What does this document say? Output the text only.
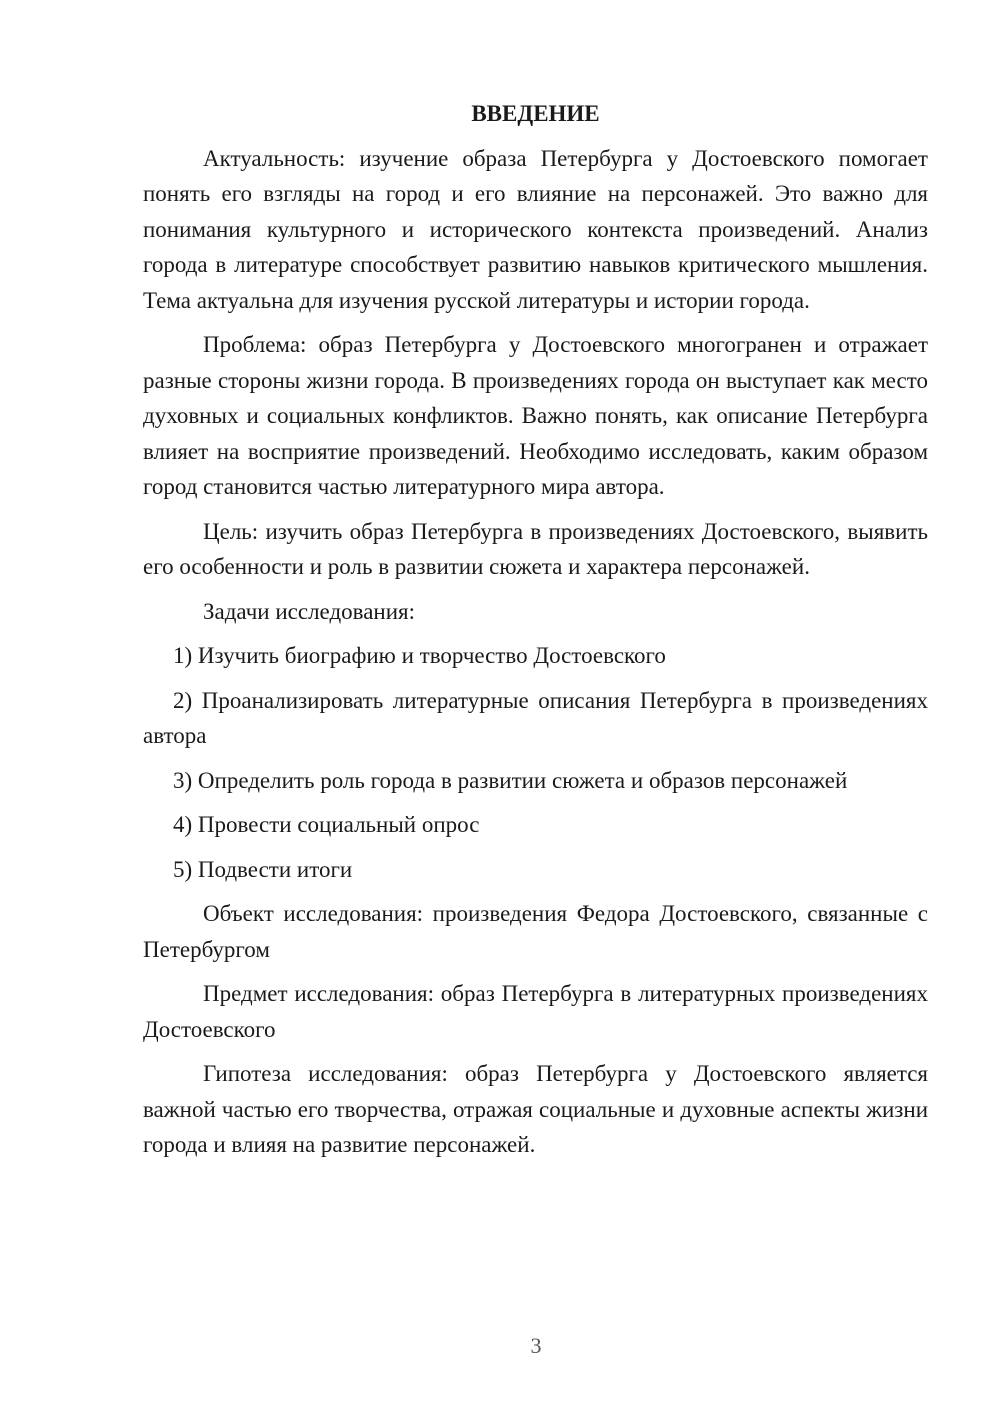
ВВЕДЕНИЕ

Актуальность: изучение образа Петербурга у Достоевского помогает понять его взгляды на город и его влияние на персонажей. Это важно для понимания культурного и исторического контекста произведений. Анализ города в литературе способствует развитию навыков критического мышления. Тема актуальна для изучения русской литературы и истории города.

Проблема: образ Петербурга у Достоевского многогранен и отражает разные стороны жизни города. В произведениях города он выступает как место духовных и социальных конфликтов. Важно понять, как описание Петербурга влияет на восприятие произведений. Необходимо исследовать, каким образом город становится частью литературного мира автора.

Цель: изучить образ Петербурга в произведениях Достоевского, выявить его особенности и роль в развитии сюжета и характера персонажей.

Задачи исследования:

1) Изучить биографию и творчество Достоевского

2) Проанализировать литературные описания Петербурга в произведениях автора

3) Определить роль города в развитии сюжета и образов персонажей

4) Провести социальный опрос

5) Подвести итоги

Объект исследования: произведения Федора Достоевского, связанные с Петербургом

Предмет исследования: образ Петербурга в литературных произведениях Достоевского

Гипотеза исследования: образ Петербурга у Достоевского является важной частью его творчества, отражая социальные и духовные аспекты жизни города и влияя на развитие персонажей.

3
